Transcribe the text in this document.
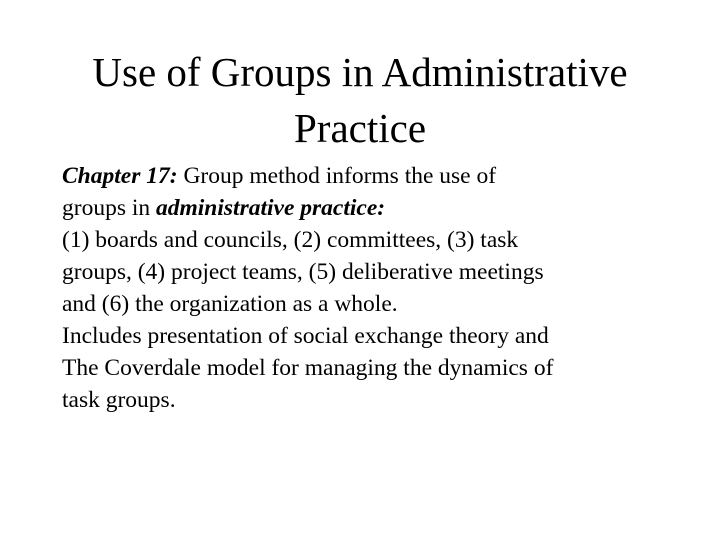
Use of Groups in Administrative
Practice
Chapter 17: Group method informs the use of
groups in administrative practice:
(1) boards and councils, (2) committees, (3) task
groups, (4) project teams, (5) deliberative meetings
and (6) the organization as a whole.
Includes presentation of social exchange theory and
The Coverdale model for managing the dynamics of
task groups.
